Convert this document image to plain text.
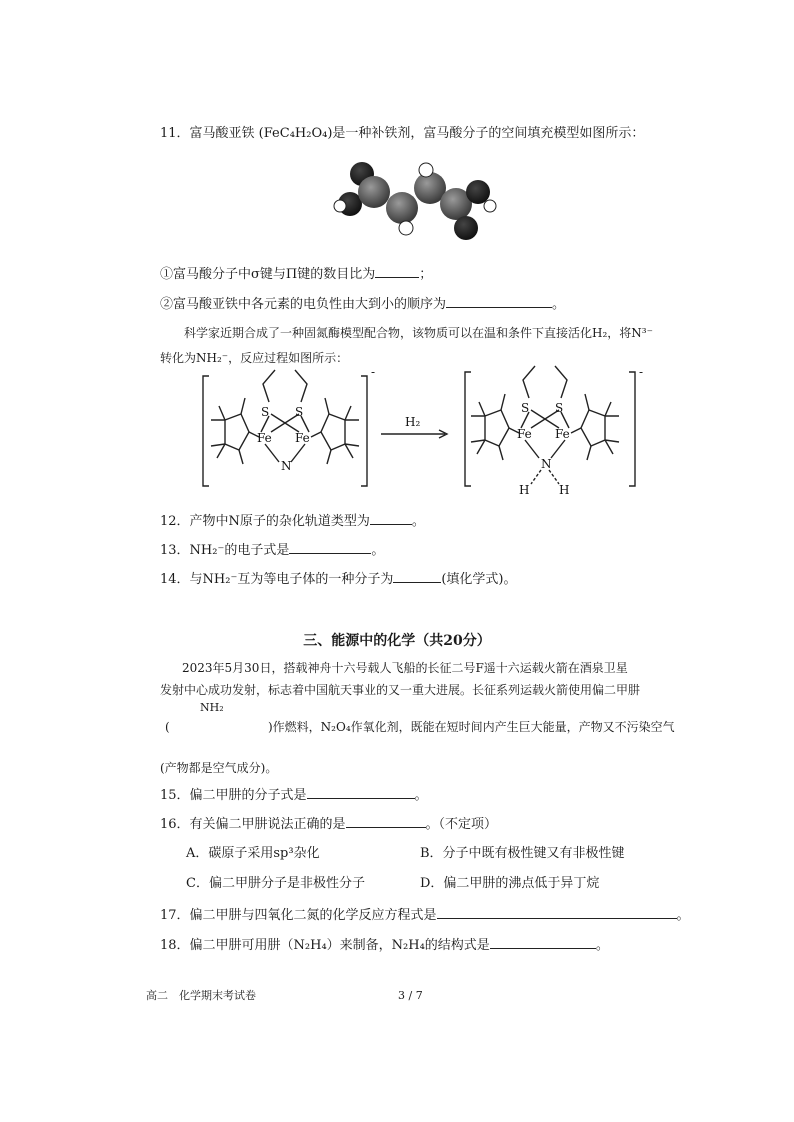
11．富马酸亚铁 (FeC₄H₂O₄)是一种补铁剂，富马酸分子的空间填充模型如图所示：
①富马酸分子中σ键与Π键的数目比为	；
②富马酸亚铁中各元素的电负性由大到小的顺序为	。
科学家近期合成了一种固氮酶模型配合物，该物质可以在温和条件下直接活化H₂，将N³⁻
转化为NH₂⁻，反应过程如图所示：
-
S S
Fe Fe
N
H₂
-
S S
Fe Fe
N
H H
12．产物中N原子的杂化轨道类型为	。
13．NH₂⁻的电子式是	。
14．与NH₂⁻互为等电子体的一种分子为	(填化学式)。
三、能源中的化学（共20分）
2023年5月30日，搭载神舟十六号载人飞船的长征二号F遥十六运载火箭在酒泉卫星
发射中心成功发射，标志着中国航天事业的又一重大进展。长征系列运载火箭使用偏二甲肼
NH₂
(	)作燃料，N₂O₄作氧化剂，既能在短时间内产生巨大能量，产物又不污染空气
(产物都是空气成分)。
15．偏二甲肼的分子式是	。
16．有关偏二甲肼说法正确的是	。（不定项）
A．碳原子采用sp³杂化	B．分子中既有极性键又有非极性键
C．偏二甲肼分子是非极性分子	D．偏二甲肼的沸点低于异丁烷
17．偏二甲肼与四氧化二氮的化学反应方程式是	。
18．偏二甲肼可用肼（N₂H₄）来制备，N₂H₄的结构式是	。
高二　化学期末考试卷	3 / 7
